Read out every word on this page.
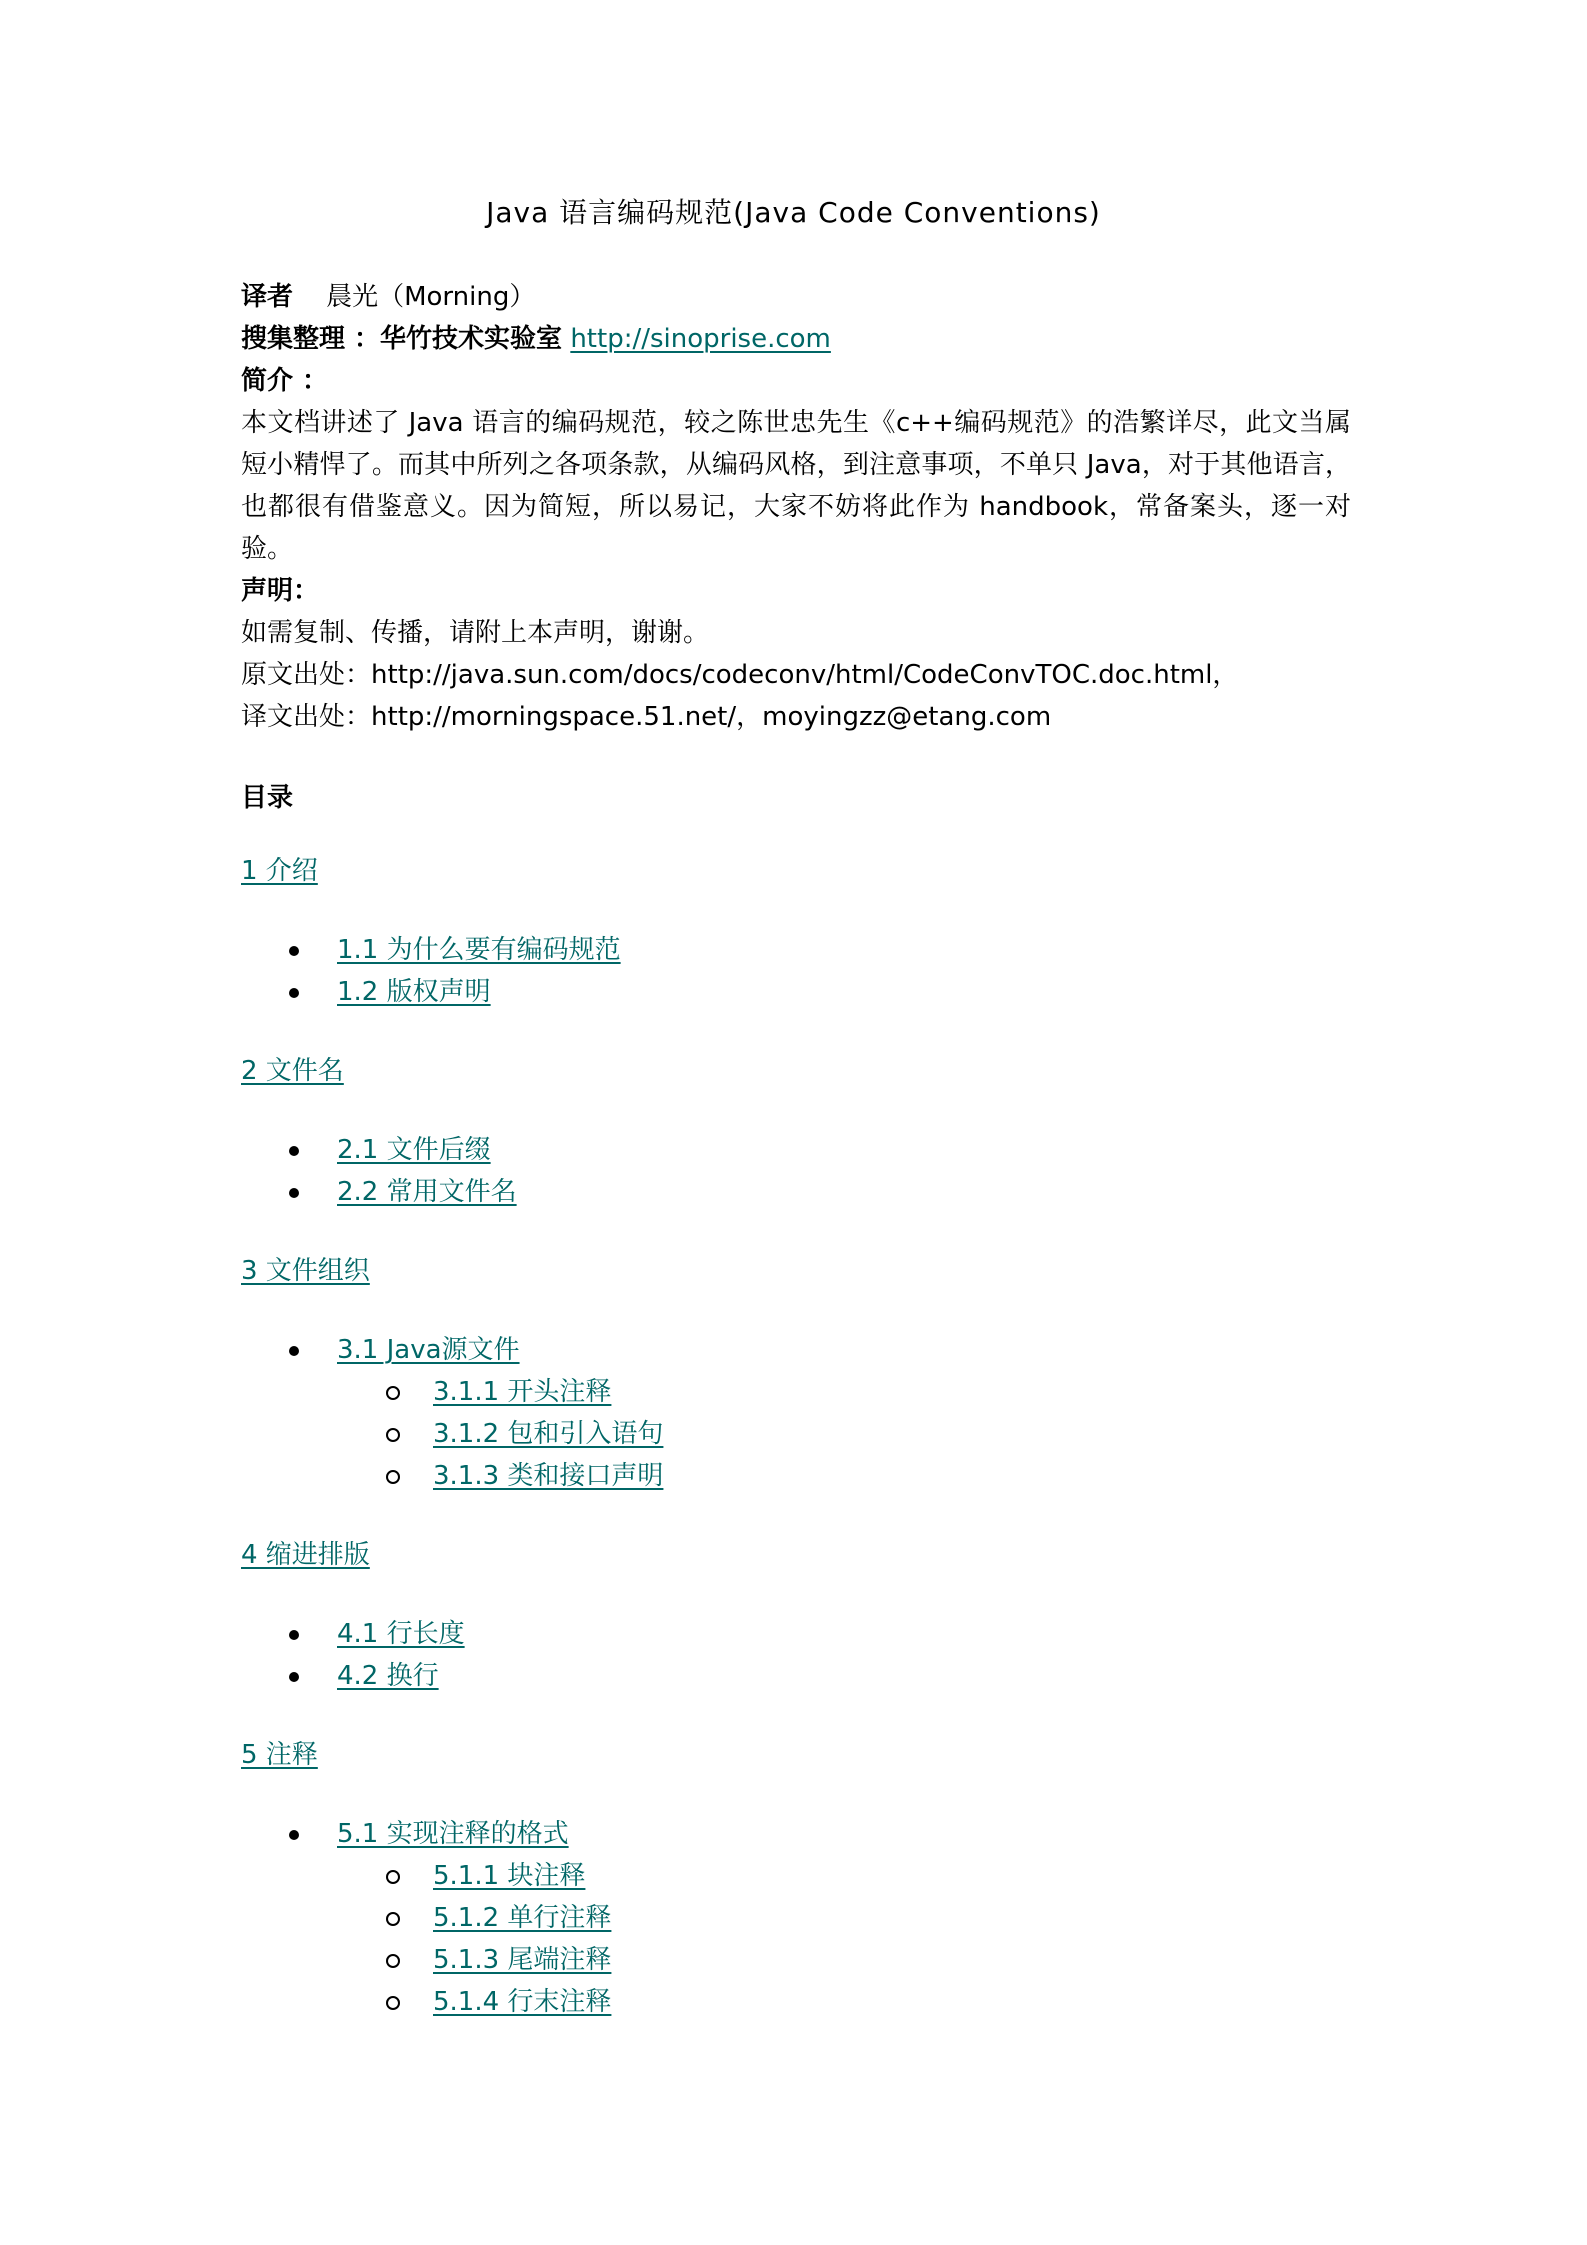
Java 语言编码规范(Java Code Conventions)
译者 晨光（Morning）
搜集整理 ：华竹技术实验室 http://sinoprise.com
简介 ：
本文档讲述了 Java 语言的编码规范，较之陈世忠先生《c++编码规范》的浩繁详尽，此文当属短小精悍了。而其中所列之各项条款，从编码风格，到注意事项，不单只 Java，对于其他语言，也都很有借鉴意义。因为简短，所以易记，大家不妨将此作为 handbook，常备案头，逐一对验。
声明：
如需复制、传播，请附上本声明，谢谢。
原文出处：http://java.sun.com/docs/codeconv/html/CodeConvTOC.doc.html，
译文出处：http://morningspace.51.net/，moyingzz@etang.com
目录

1 介绍

1.1 为什么要有编码规范
1.2 版权声明

2 文件名

2.1 文件后缀
2.2 常用文件名

3 文件组织

3.1 Java源文件
3.1.1 开头注释
3.1.2 包和引入语句
3.1.3 类和接口声明

4 缩进排版

4.1 行长度
4.2 换行

5 注释

5.1 实现注释的格式
5.1.1 块注释
5.1.2 单行注释
5.1.3 尾端注释
5.1.4 行末注释
